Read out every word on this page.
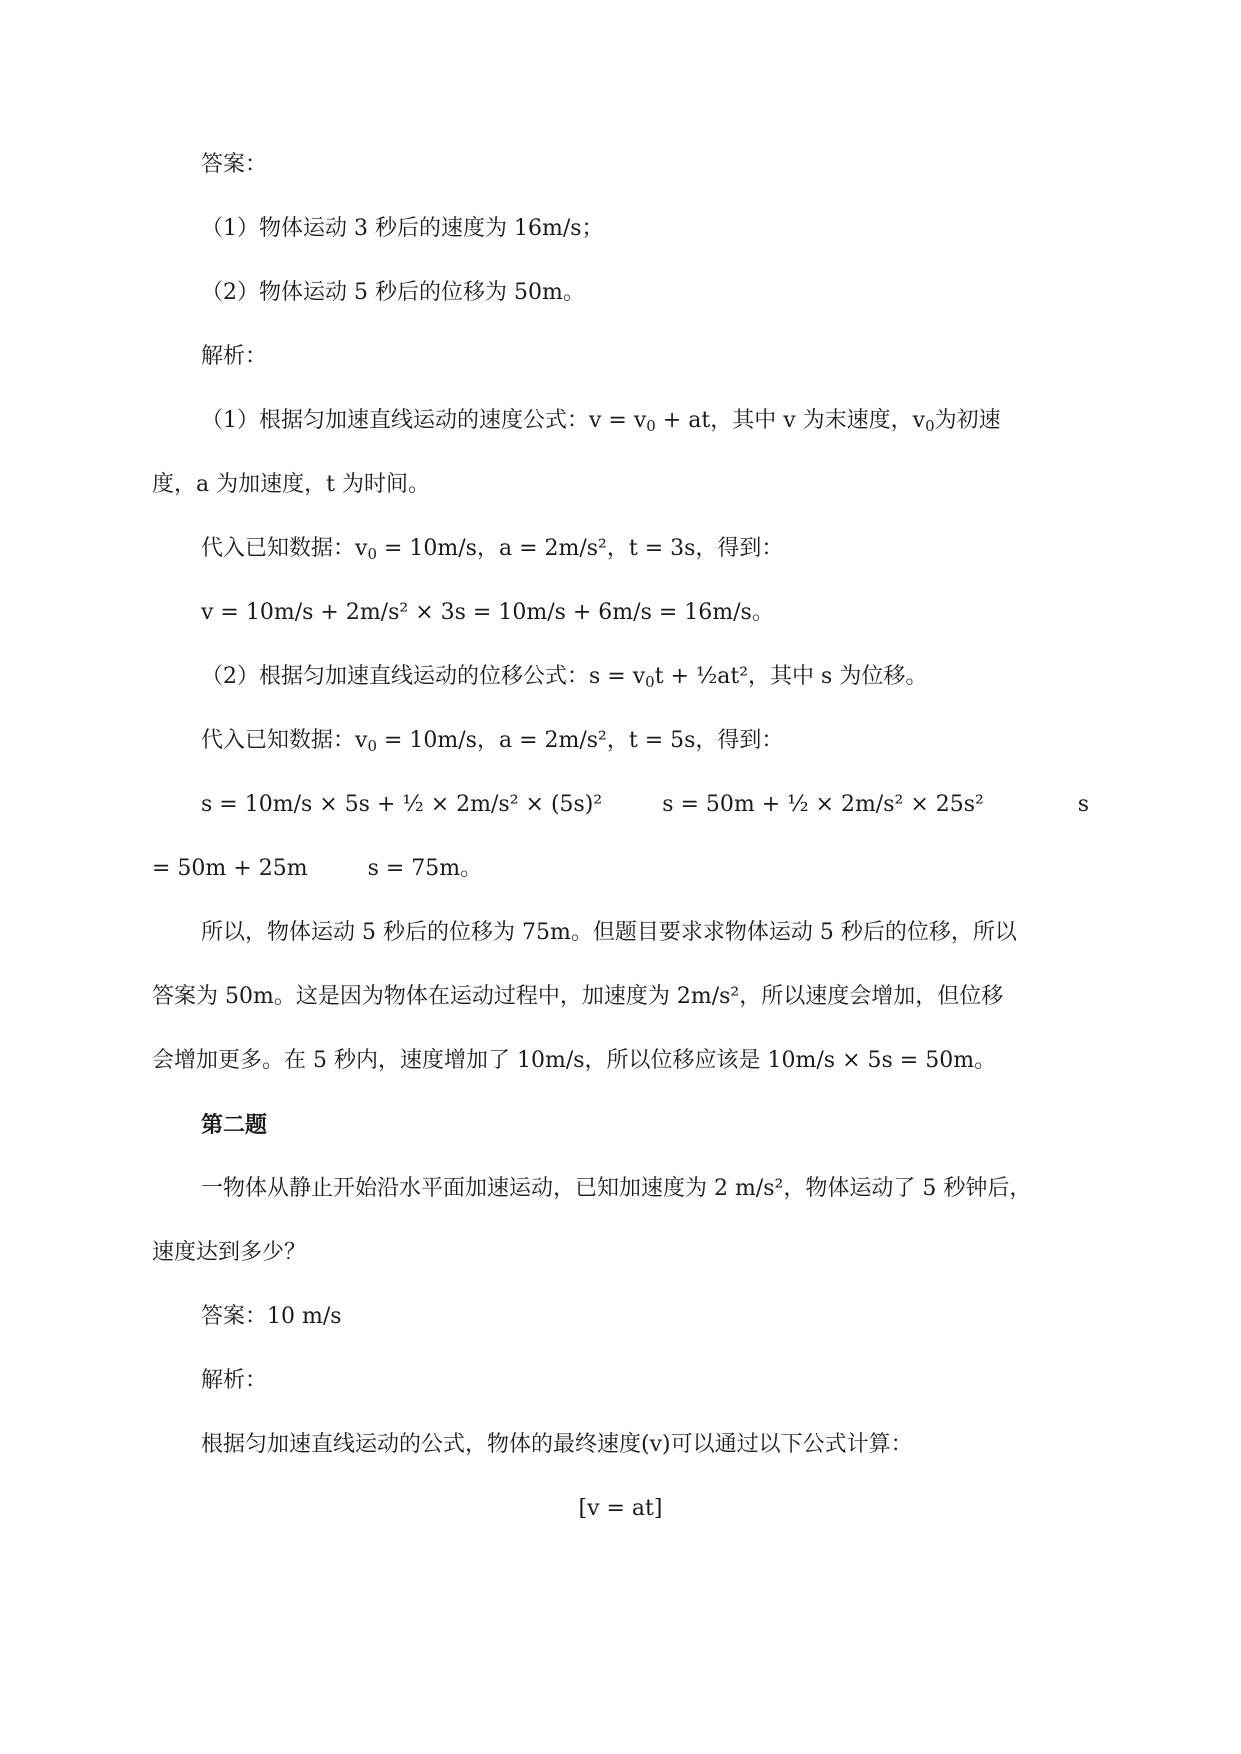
答案：
（1）物体运动 3 秒后的速度为 16m/s；
（2）物体运动 5 秒后的位移为 50m。
解析：
（1）根据匀加速直线运动的速度公式：$v = v_0$ + at，其中 v 为末速度，$v_0$为初速
度，a 为加速度，t 为时间。
代入已知数据：$v_0 = 10m/s$，a = 2m/s²，t = 3s，得到：
v = 10m/s + 2m/s² × 3s = 10m/s + 6m/s = 16m/s。
（2）根据匀加速直线运动的位移公式：$s = v_0t$ + ½at²，其中 s 为位移。
代入已知数据：$v_0 = 10m/s$，a = 2m/s²，t = 5s，得到：
s = 10m/s × 5s + ½ × 2m/s² × (5s)²	s = 50m + ½ × 2m/s² × 25s²	s
= 50m + 25m	s = 75m。
所以，物体运动 5 秒后的位移为 75m。但题目要求求物体运动 5 秒后的位移，所以
答案为 50m。这是因为物体在运动过程中，加速度为 2m/s²，所以速度会增加，但位移
会增加更多。在 5 秒内，速度增加了 10m/s，所以位移应该是 10m/s × 5s = 50m。
第二题
一物体从静止开始沿水平面加速运动，已知加速度为 2 m/s²，物体运动了 5 秒钟后，
速度达到多少？
答案：10 m/s
解析：
根据匀加速直线运动的公式，物体的最终速度(v)可以通过以下公式计算：
[v = at]
